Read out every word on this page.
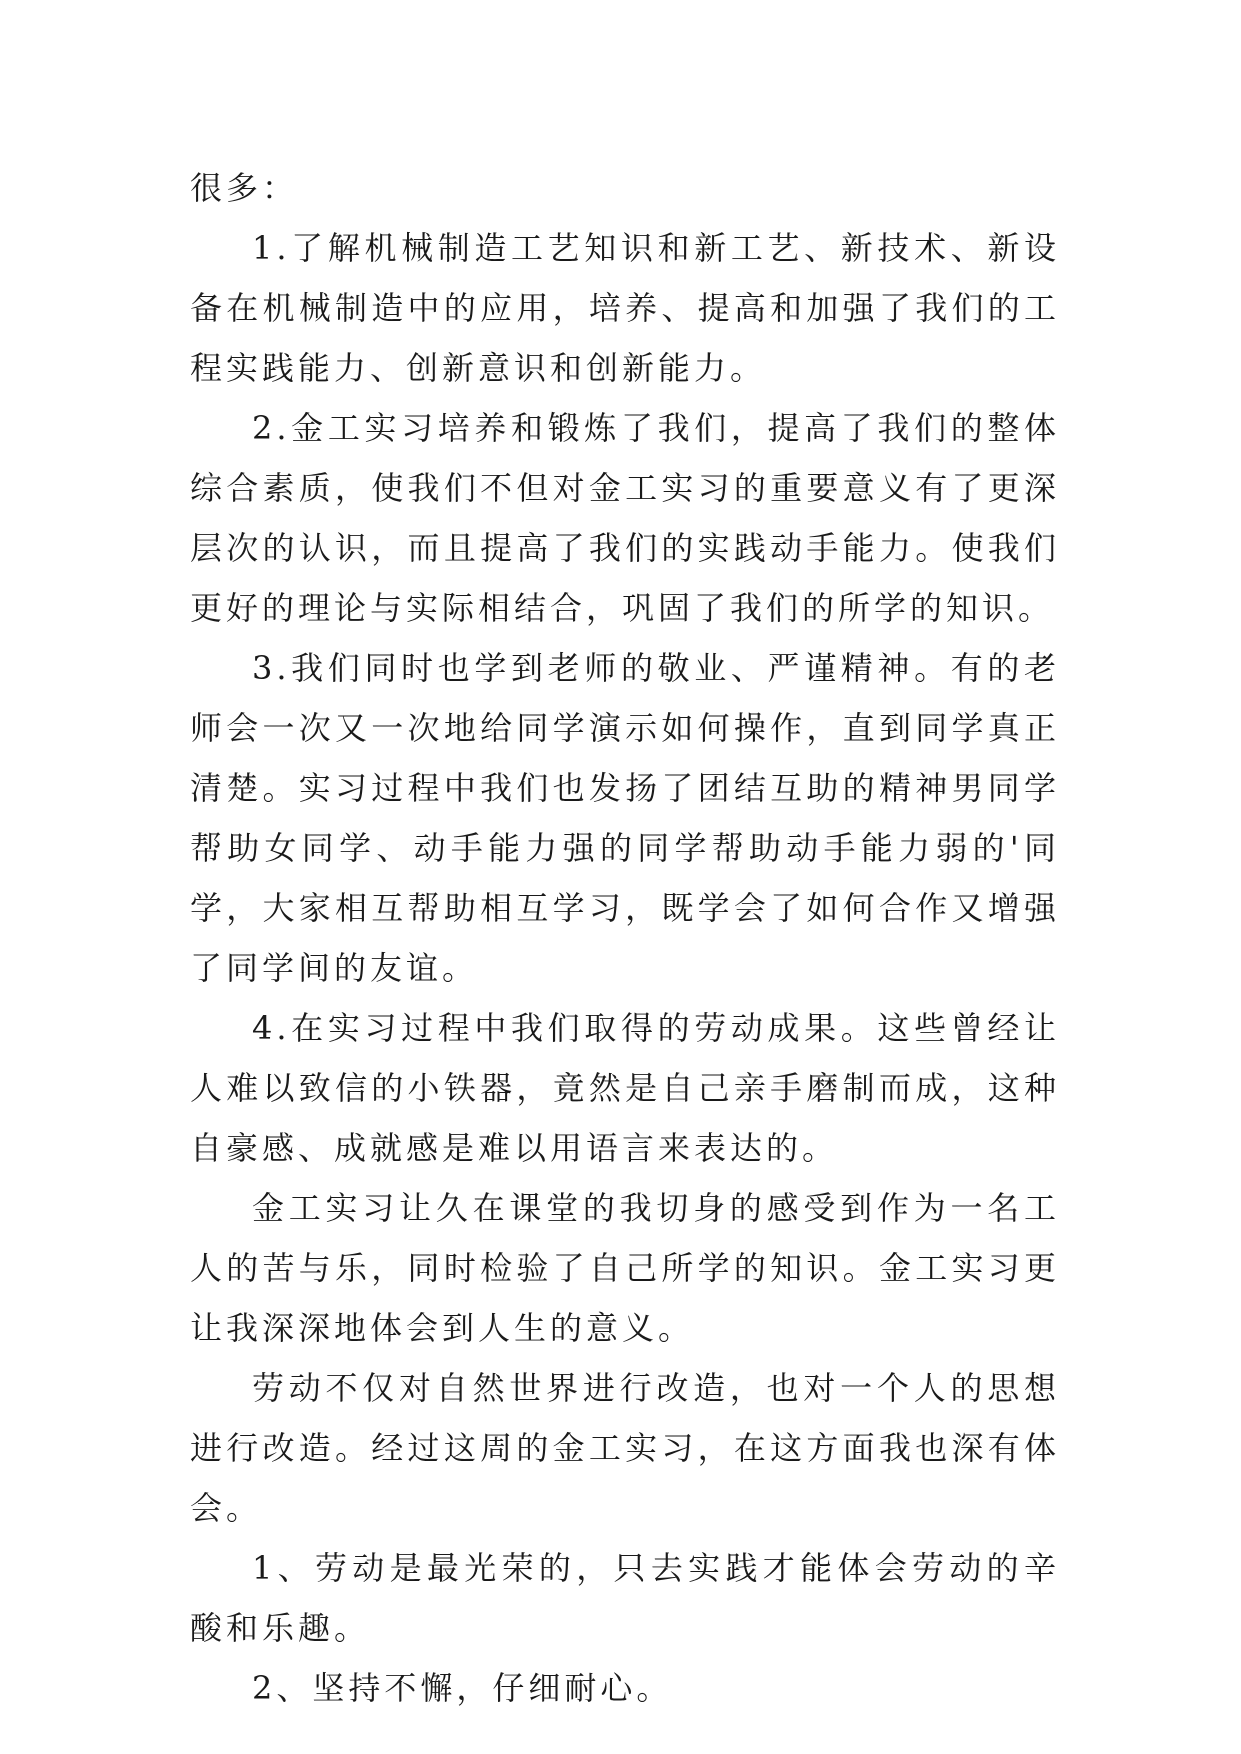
很多：

1.了解机械制造工艺知识和新工艺、新技术、新设备在机械制造中的应用，培养、提高和加强了我们的工程实践能力、创新意识和创新能力。

2.金工实习培养和锻炼了我们，提高了我们的整体综合素质，使我们不但对金工实习的重要意义有了更深层次的认识，而且提高了我们的实践动手能力。使我们更好的理论与实际相结合，巩固了我们的所学的知识。

3.我们同时也学到老师的敬业、严谨精神。有的老师会一次又一次地给同学演示如何操作，直到同学真正清楚。实习过程中我们也发扬了团结互助的精神男同学帮助女同学、动手能力强的同学帮助动手能力弱的'同学，大家相互帮助相互学习，既学会了如何合作又增强了同学间的友谊。

4.在实习过程中我们取得的劳动成果。这些曾经让人难以致信的小铁器，竟然是自己亲手磨制而成，这种自豪感、成就感是难以用语言来表达的。

金工实习让久在课堂的我切身的感受到作为一名工人的苦与乐，同时检验了自己所学的知识。金工实习更让我深深地体会到人生的意义。

劳动不仅对自然世界进行改造，也对一个人的思想进行改造。经过这周的金工实习，在这方面我也深有体会。

1、劳动是最光荣的，只去实践才能体会劳动的辛酸和乐趣。

2、坚持不懈，仔细耐心。
